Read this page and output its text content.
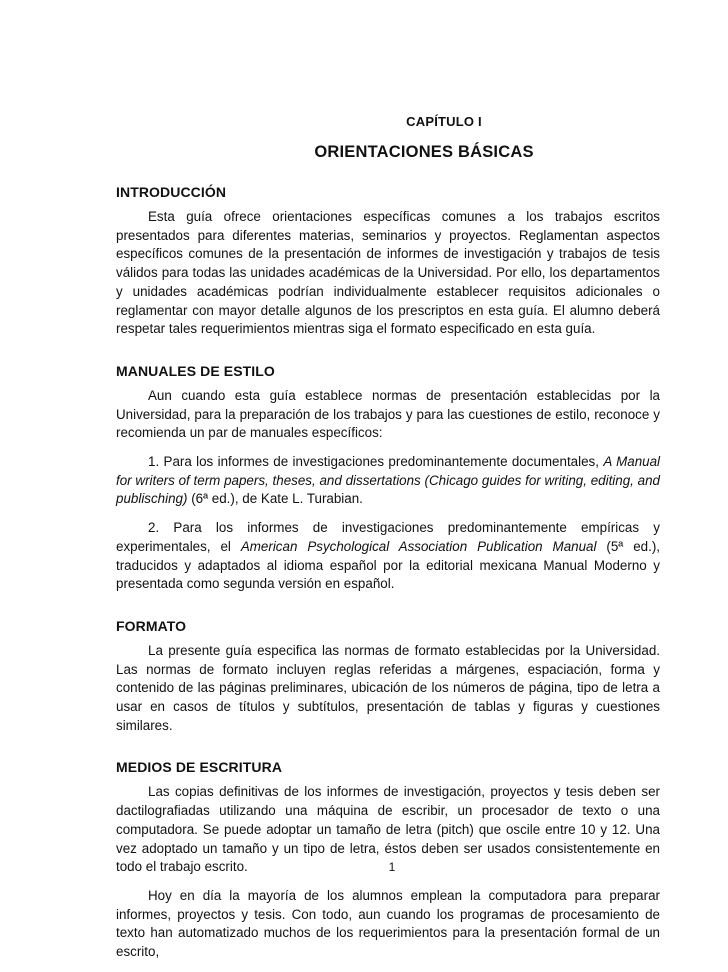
CAPÍTULO I
ORIENTACIONES BÁSICAS
INTRODUCCIÓN

Esta guía ofrece orientaciones específicas comunes a los trabajos escritos presentados para diferentes materias, seminarios y proyectos. Reglamentan aspectos específicos comunes de la presentación de informes de investigación y trabajos de tesis válidos para todas las unidades académicas de la Universidad. Por ello, los departamentos y unidades académicas podrían individualmente establecer requisitos adicionales o reglamentar con mayor detalle algunos de los prescriptos en esta guía. El alumno deberá respetar tales requerimientos mientras siga el formato especificado en esta guía.

MANUALES DE ESTILO

Aun cuando esta guía establece normas de presentación establecidas por la Universidad, para la preparación de los trabajos y para las cuestiones de estilo, reconoce y recomienda un par de manuales específicos:

1. Para los informes de investigaciones predominantemente documentales, A Manual for writers of term papers, theses, and dissertations (Chicago guides for writing, editing, and publisching) (6ª ed.), de Kate L. Turabian.

2. Para los informes de investigaciones predominantemente empíricas y experimentales, el American Psychological Association Publication Manual (5ª ed.), traducidos y adaptados al idioma español por la editorial mexicana Manual Moderno y presentada como segunda versión en español.

FORMATO

La presente guía especifica las normas de formato establecidas por la Universidad. Las normas de formato incluyen reglas referidas a márgenes, espaciación, forma y contenido de las páginas preliminares, ubicación de los números de página, tipo de letra a usar en casos de títulos y subtítulos, presentación de tablas y figuras y cuestiones similares.

MEDIOS DE ESCRITURA

Las copias definitivas de los informes de investigación, proyectos y tesis deben ser dactilografiadas utilizando una máquina de escribir, un procesador de texto o una computadora. Se puede adoptar un tamaño de letra (pitch) que oscile entre 10 y 12. Una vez adoptado un tamaño y un tipo de letra, éstos deben ser usados consistentemente en todo el trabajo escrito.

Hoy en día la mayoría de los alumnos emplean la computadora para preparar informes, proyectos y tesis. Con todo, aun cuando los programas de procesamiento de texto han automatizado muchos de los requerimientos para la presentación formal de un escrito,

1
